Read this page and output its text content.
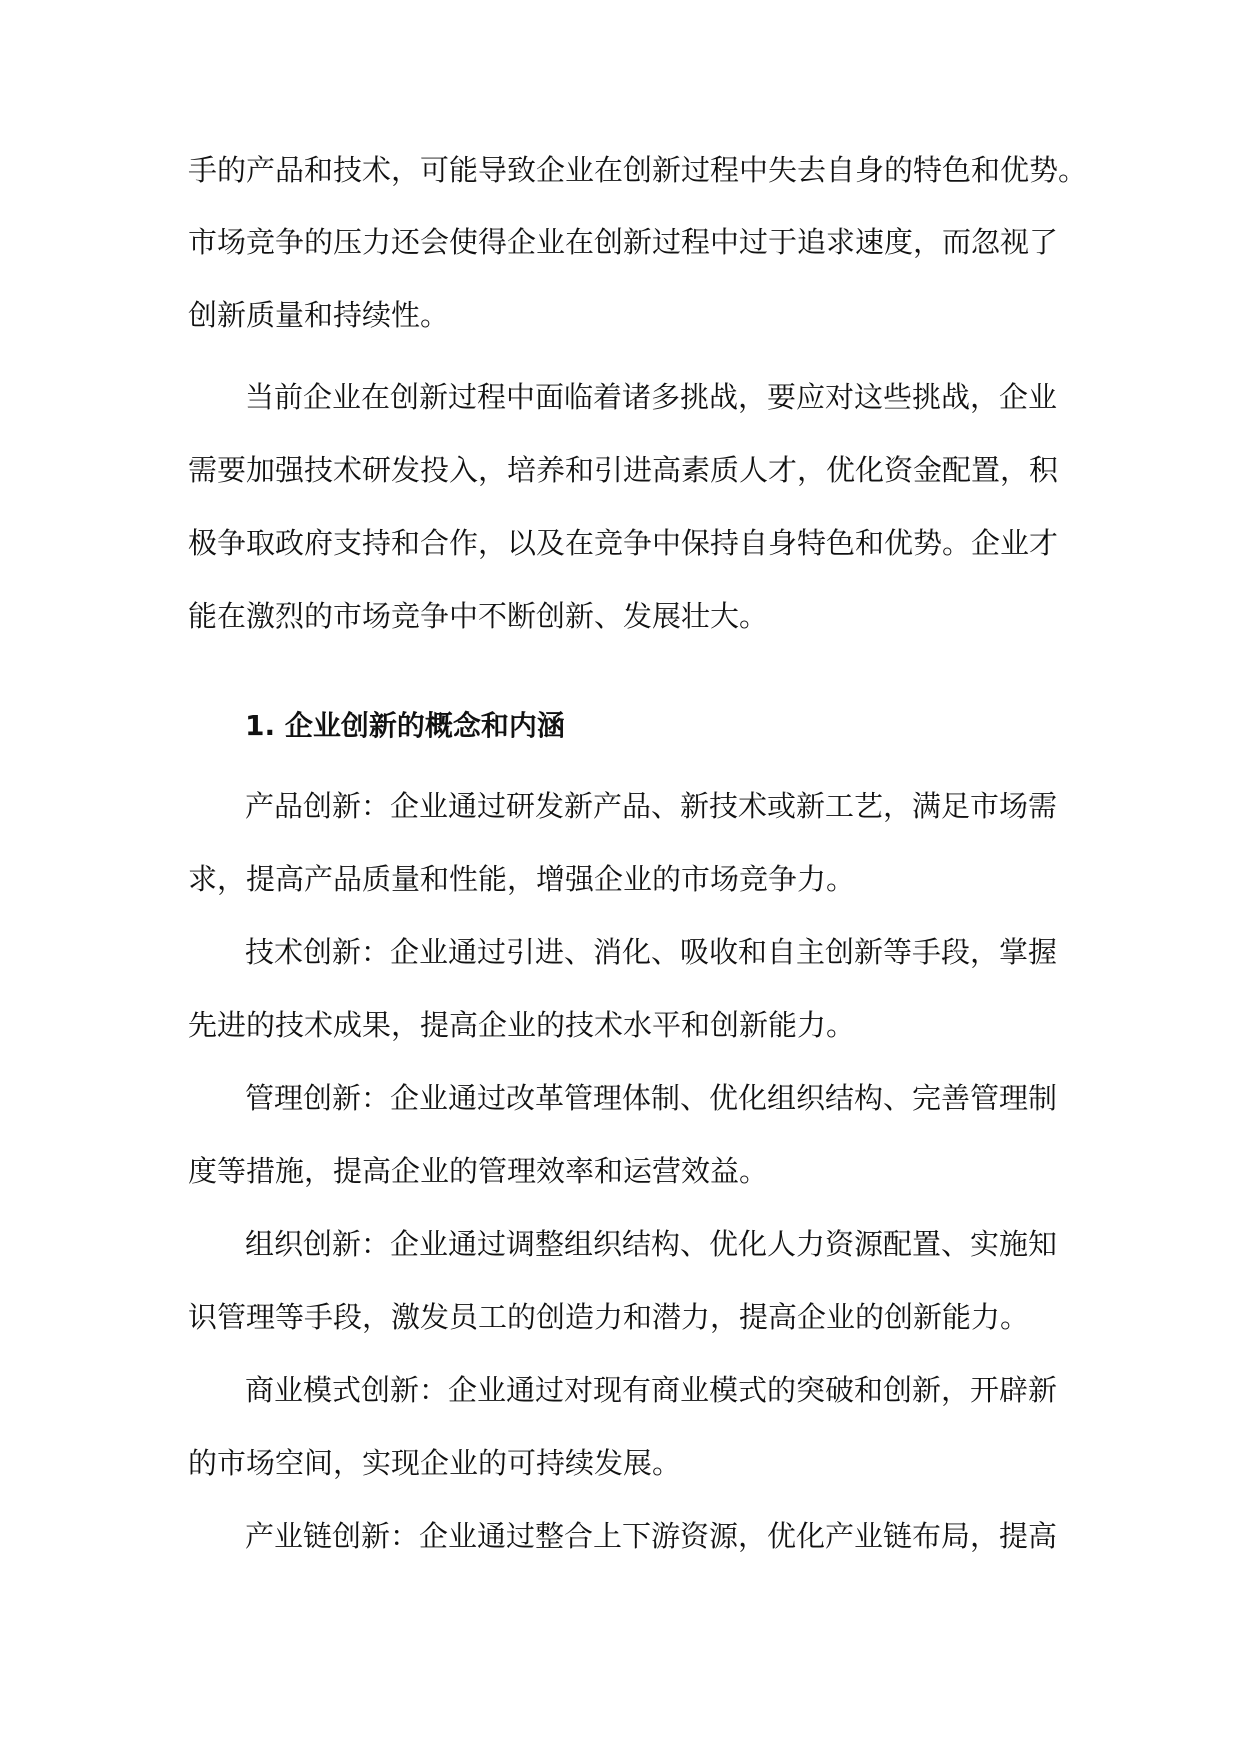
手的产品和技术，可能导致企业在创新过程中失去自身的特色和优势。
市场竞争的压力还会使得企业在创新过程中过于追求速度，而忽视了
创新质量和持续性。
当前企业在创新过程中面临着诸多挑战，要应对这些挑战，企业
需要加强技术研发投入，培养和引进高素质人才，优化资金配置，积
极争取政府支持和合作，以及在竞争中保持自身特色和优势。企业才
能在激烈的市场竞争中不断创新、发展壮大。
1. 企业创新的概念和内涵
产品创新：企业通过研发新产品、新技术或新工艺，满足市场需
求，提高产品质量和性能，增强企业的市场竞争力。
技术创新：企业通过引进、消化、吸收和自主创新等手段，掌握
先进的技术成果，提高企业的技术水平和创新能力。
管理创新：企业通过改革管理体制、优化组织结构、完善管理制
度等措施，提高企业的管理效率和运营效益。
组织创新：企业通过调整组织结构、优化人力资源配置、实施知
识管理等手段，激发员工的创造力和潜力，提高企业的创新能力。
商业模式创新：企业通过对现有商业模式的突破和创新，开辟新
的市场空间，实现企业的可持续发展。
产业链创新：企业通过整合上下游资源，优化产业链布局，提高
